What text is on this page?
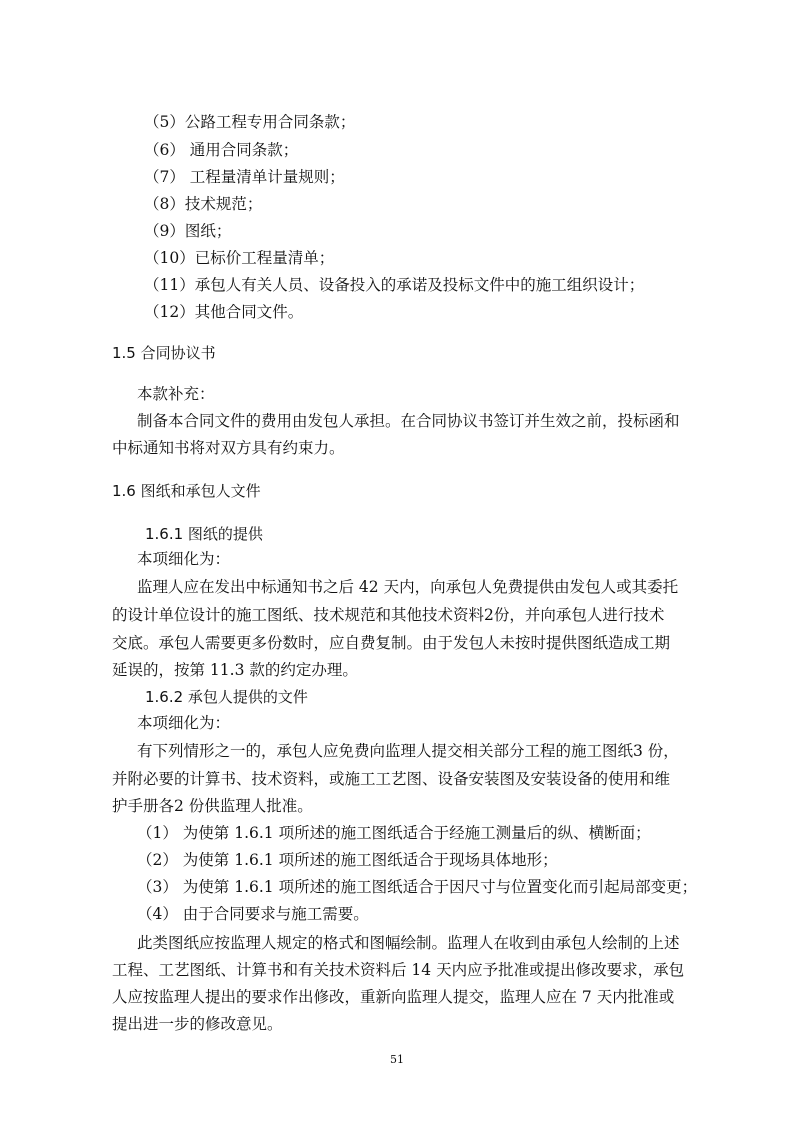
（5）公路工程专用合同条款；
（6） 通用合同条款；
（7） 工程量清单计量规则；
（8）技术规范；
（9）图纸；
（10）已标价工程量清单；
（11）承包人有关人员、设备投入的承诺及投标文件中的施工组织设计；
（12）其他合同文件。
1.5 合同协议书
本款补充：
制备本合同文件的费用由发包人承担。在合同协议书签订并生效之前，投标函和
中标通知书将对双方具有约束力。
1.6 图纸和承包人文件
1.6.1 图纸的提供
本项细化为：
监理人应在发出中标通知书之后 42 天内，向承包人免费提供由发包人或其委托
的设计单位设计的施工图纸、技术规范和其他技术资料2份，并向承包人进行技术
交底。承包人需要更多份数时，应自费复制。由于发包人未按时提供图纸造成工期
延误的，按第 11.3 款的约定办理。
1.6.2 承包人提供的文件
本项细化为：
有下列情形之一的，承包人应免费向监理人提交相关部分工程的施工图纸3 份，
并附必要的计算书、技术资料，或施工工艺图、设备安装图及安装设备的使用和维
护手册各2 份供监理人批准。
（1） 为使第 1.6.1 项所述的施工图纸适合于经施工测量后的纵、横断面；
（2） 为使第 1.6.1 项所述的施工图纸适合于现场具体地形；
（3） 为使第 1.6.1 项所述的施工图纸适合于因尺寸与位置变化而引起局部变更；
（4） 由于合同要求与施工需要。
此类图纸应按监理人规定的格式和图幅绘制。监理人在收到由承包人绘制的上述
工程、工艺图纸、计算书和有关技术资料后 14 天内应予批准或提出修改要求，承包
人应按监理人提出的要求作出修改，重新向监理人提交，监理人应在 7 天内批准或
提出进一步的修改意见。
51
